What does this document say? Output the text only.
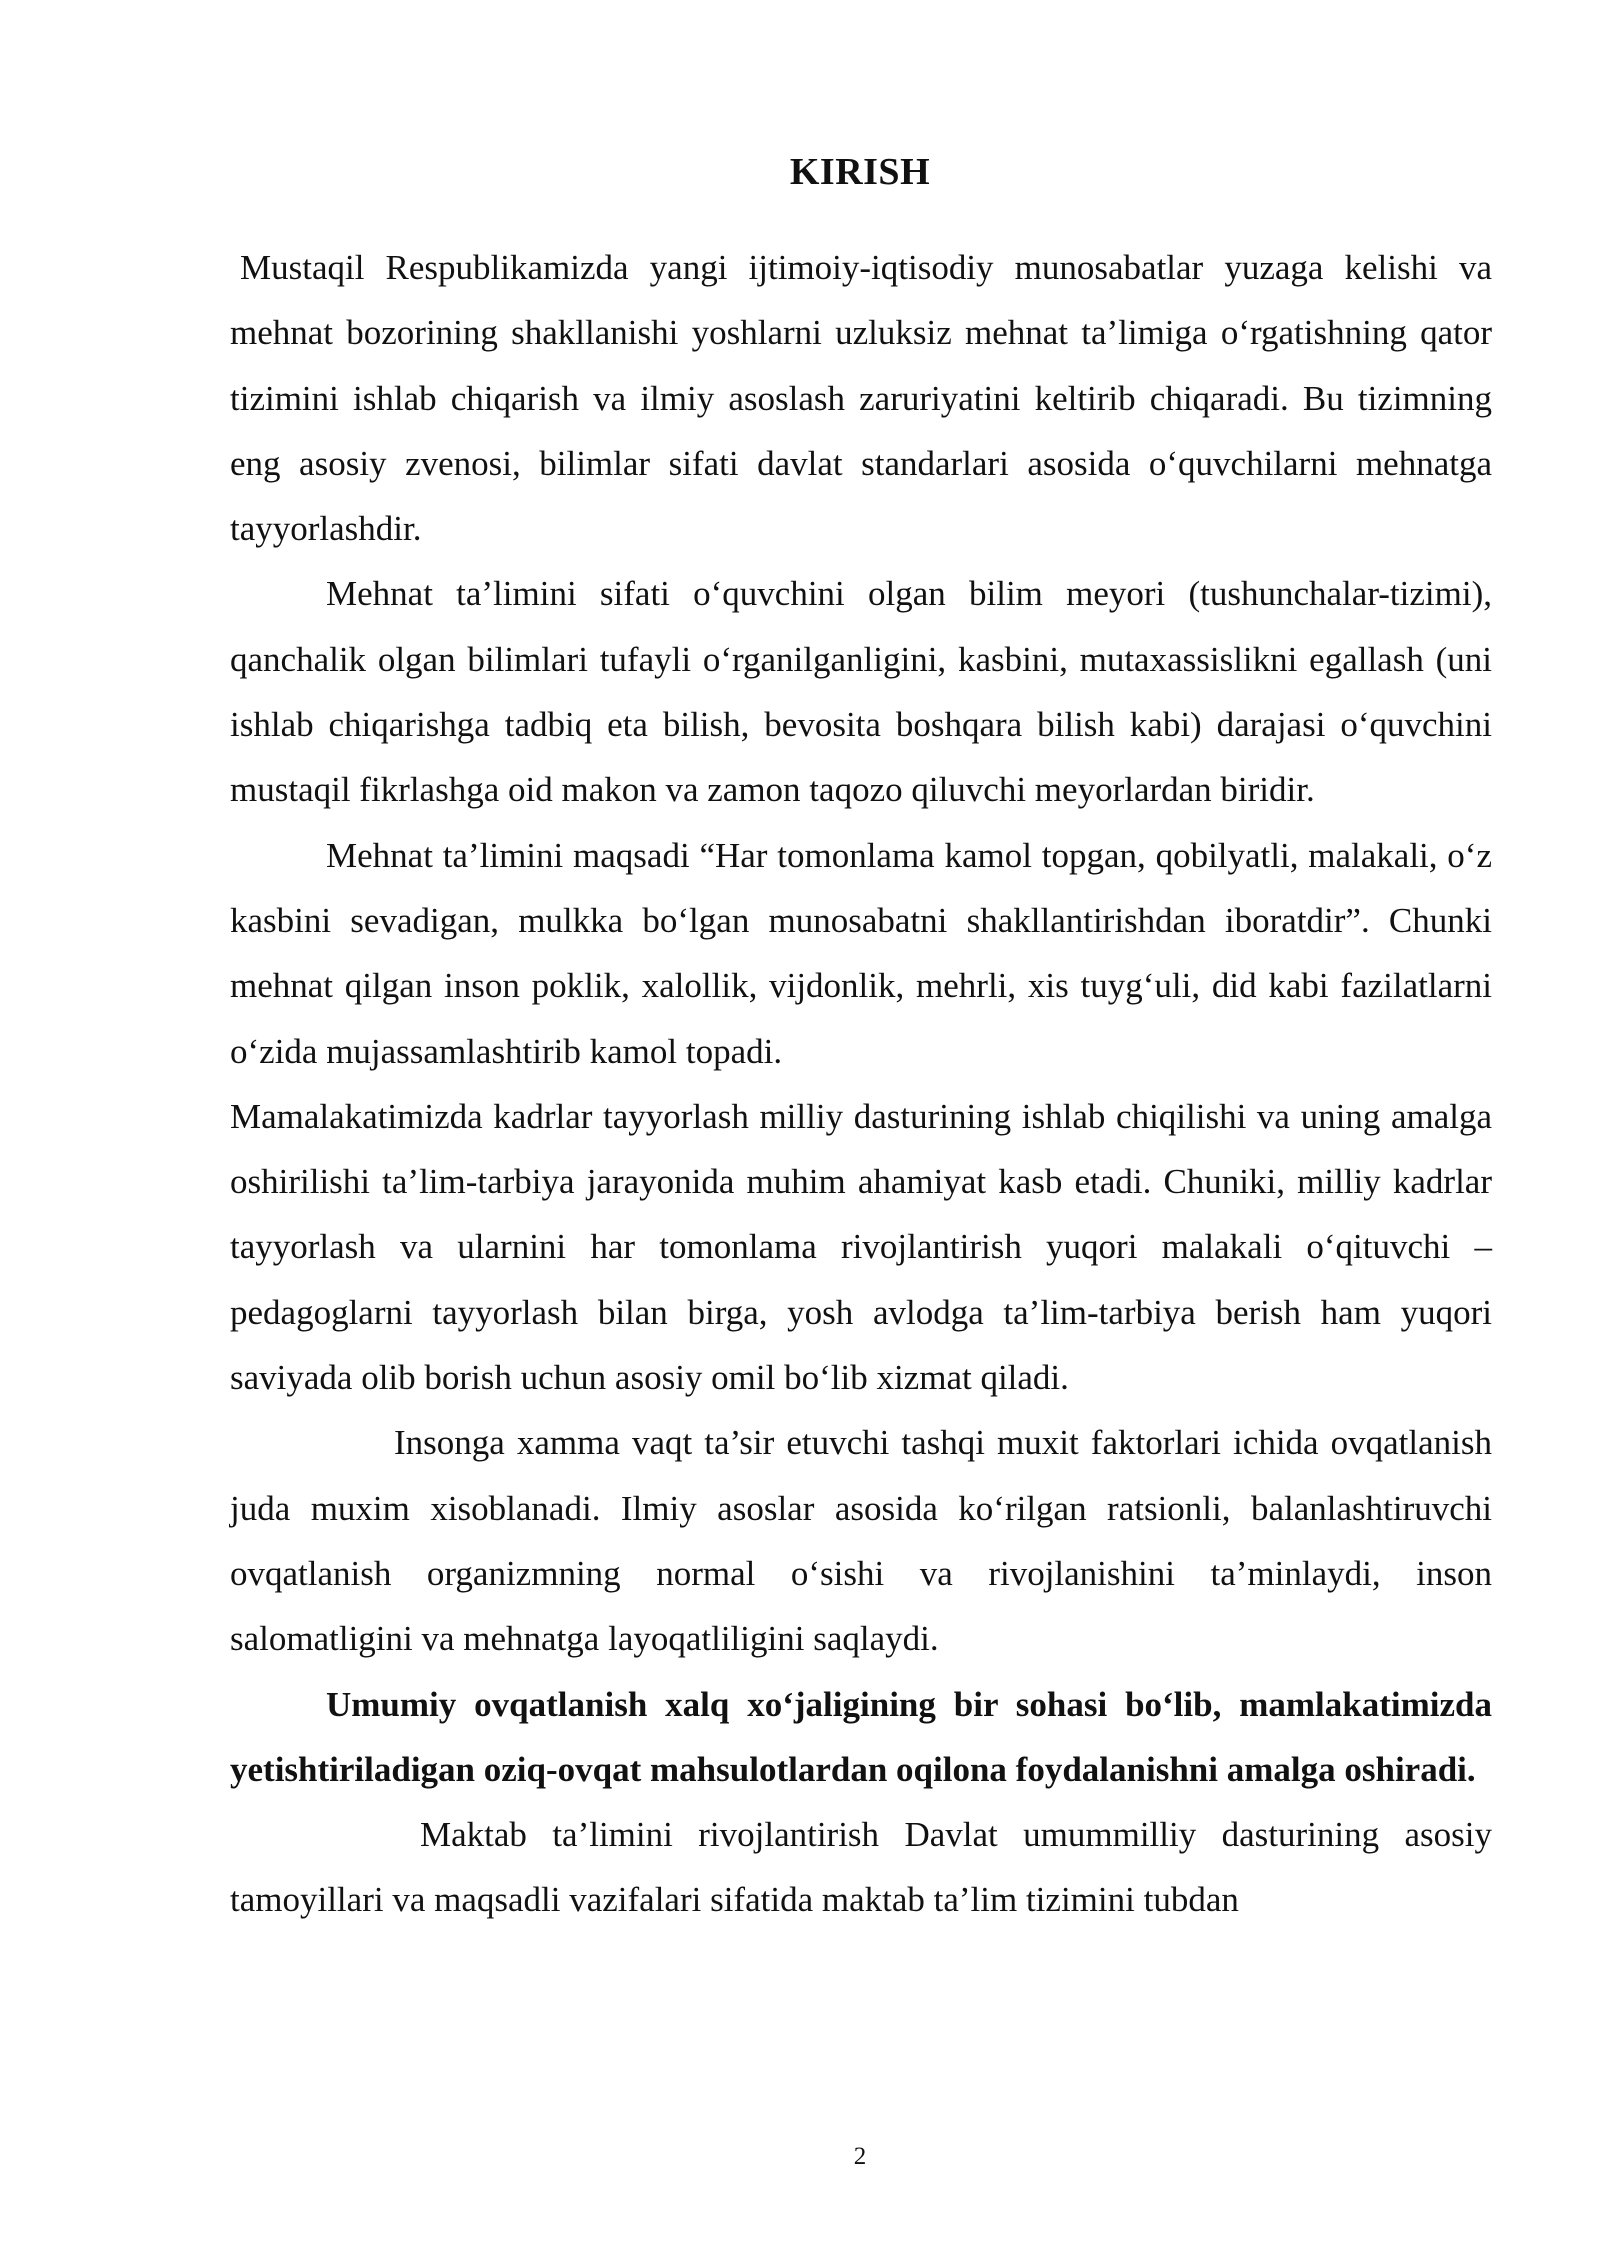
KIRISH

Mustaqil Respublikamizda yangi ijtimoiy-iqtisodiy munosabatlar yuzaga kelishi va mehnat bozorining shakllanishi yoshlarni uzluksiz mehnat ta’limiga o‘rgatishning qator tizimini ishlab chiqarish va ilmiy asoslash zaruriyatini keltirib chiqaradi. Bu tizimning eng asosiy zvenosi, bilimlar sifati davlat standarlari asosida o‘quvchilarni mehnatga tayyorlashdir.

Mehnat ta’limini sifati o‘quvchini olgan bilim meyori (tushunchalar-tizimi), qanchalik olgan bilimlari tufayli o‘rganilganligini, kasbini, mutaxassislikni egallash (uni ishlab chiqarishga tadbiq eta bilish, bevosita boshqara bilish kabi) darajasi o‘quvchini mustaqil fikrlashga oid makon va zamon taqozo qiluvchi meyorlardan biridir.

Mehnat ta’limini maqsadi “Har tomonlama kamol topgan, qobilyatli, malakali, o‘z kasbini sevadigan, mulkka bo‘lgan munosabatni shakllantirishdan iboratdir”. Chunki mehnat qilgan inson poklik, xalollik, vijdonlik, mehrli, xis tuyg‘uli, did kabi fazilatlarni o‘zida mujassamlashtirib kamol topadi.

Mamalakatimizda kadrlar tayyorlash milliy dasturining ishlab chiqilishi va uning amalga oshirilishi ta’lim-tarbiya jarayonida muhim ahamiyat kasb etadi. Chuniki, milliy kadrlar tayyorlash va ularnini har tomonlama rivojlantirish yuqori malakali o‘qituvchi –pedagoglarni tayyorlash bilan birga, yosh avlodga ta’lim-tarbiya berish ham yuqori saviyada olib borish uchun asosiy omil bo‘lib xizmat qiladi.

Insonga xamma vaqt ta’sir etuvchi tashqi muxit faktorlari ichida ovqatlanish juda muxim xisoblanadi. Ilmiy asoslar asosida ko‘rilgan ratsionli, balanlashtiruvchi ovqatlanish organizmning normal o‘sishi va rivojlanishini ta’minlaydi, inson salomatligini va mehnatga layoqatliligini saqlaydi.

Umumiy ovqatlanish xalq xo‘jaligining bir sohasi bo‘lib, mamlakatimizda yetishtiriladigan oziq-ovqat mahsulotlardan oqilona foydalanishni amalga oshiradi.

Maktab ta’limini rivojlantirish Davlat umummilliy dasturining asosiy tamoyillari va maqsadli vazifalari sifatida maktab ta’lim tizimini tubdan

2
